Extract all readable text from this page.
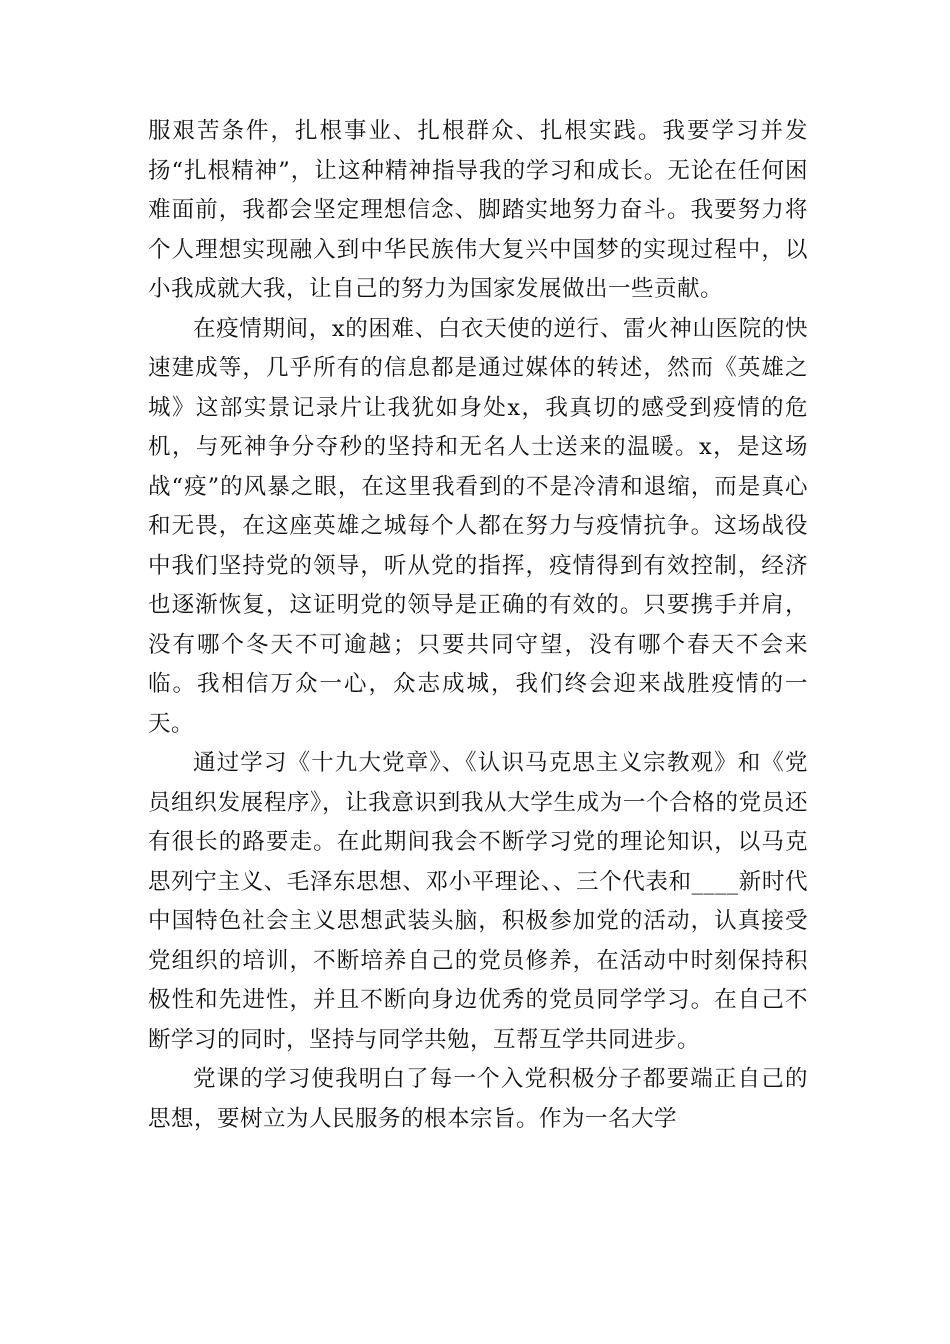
服艰苦条件，扎根事业、扎根群众、扎根实践。我要学习并发扬“扎根精神”，让这种精神指导我的学习和成长。无论在任何困难面前，我都会坚定理想信念、脚踏实地努力奋斗。我要努力将个人理想实现融入到中华民族伟大复兴中国梦的实现过程中，以小我成就大我，让自己的努力为国家发展做出一些贡献。

在疫情期间，x的困难、白衣天使的逆行、雷火神山医院的快速建成等，几乎所有的信息都是通过媒体的转述，然而《英雄之城》这部实景记录片让我犹如身处x，我真切的感受到疫情的危机，与死神争分夺秒的坚持和无名人士送来的温暖。x，是这场战“疫”的风暴之眼，在这里我看到的不是冷清和退缩，而是真心和无畏，在这座英雄之城每个人都在努力与疫情抗争。这场战役中我们坚持党的领导，听从党的指挥，疫情得到有效控制，经济也逐渐恢复，这证明党的领导是正确的有效的。只要携手并肩，没有哪个冬天不可逾越；只要共同守望，没有哪个春天不会来临。我相信万众一心，众志成城，我们终会迎来战胜疫情的一天。

通过学习《十九大党章》、《认识马克思主义宗教观》和《党员组织发展程序》，让我意识到我从大学生成为一个合格的党员还有很长的路要走。在此期间我会不断学习党的理论知识，以马克思列宁主义、毛泽东思想、邓小平理论、、三个代表和____新时代中国特色社会主义思想武装头脑，积极参加党的活动，认真接受党组织的培训，不断培养自己的党员修养，在活动中时刻保持积极性和先进性，并且不断向身边优秀的党员同学学习。在自己不断学习的同时，坚持与同学共勉，互帮互学共同进步。

党课的学习使我明白了每一个入党积极分子都要端正自己的思想，要树立为人民服务的根本宗旨。作为一名大学
